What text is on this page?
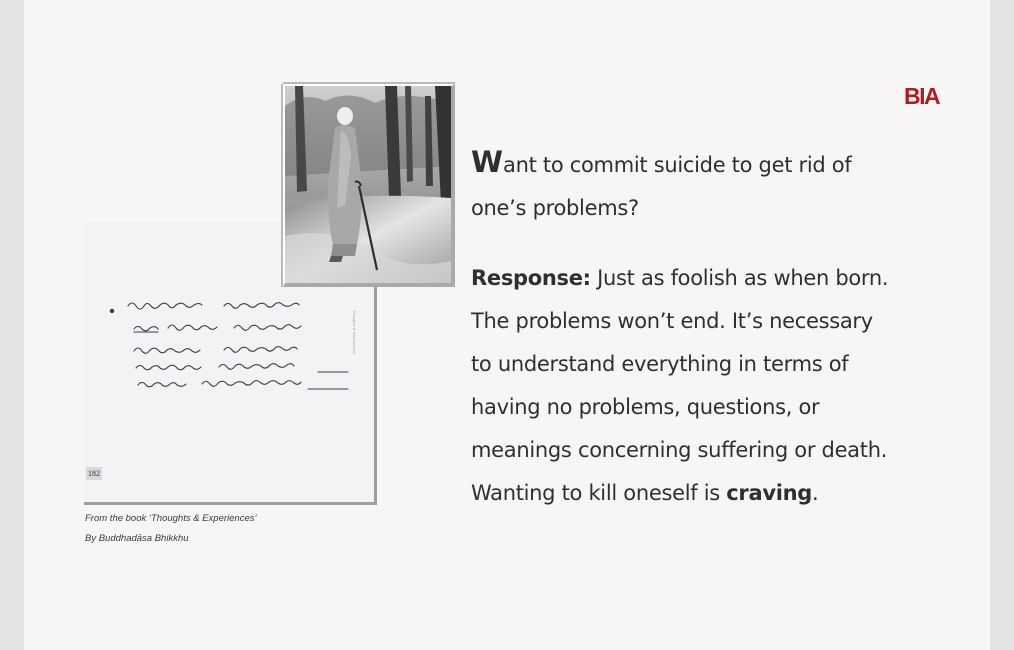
BIA
182
Thoughts & Experiences
From the book ‘Thoughts & Experiences’
By Buddhadāsa Bhikkhu
Want to commit suicide to get rid of
one’s problems?
Response: Just as foolish as when born.
The problems won’t end. It’s necessary
to understand everything in terms of
having no problems, questions, or
meanings concerning suffering or death.
Wanting to kill oneself is craving.
